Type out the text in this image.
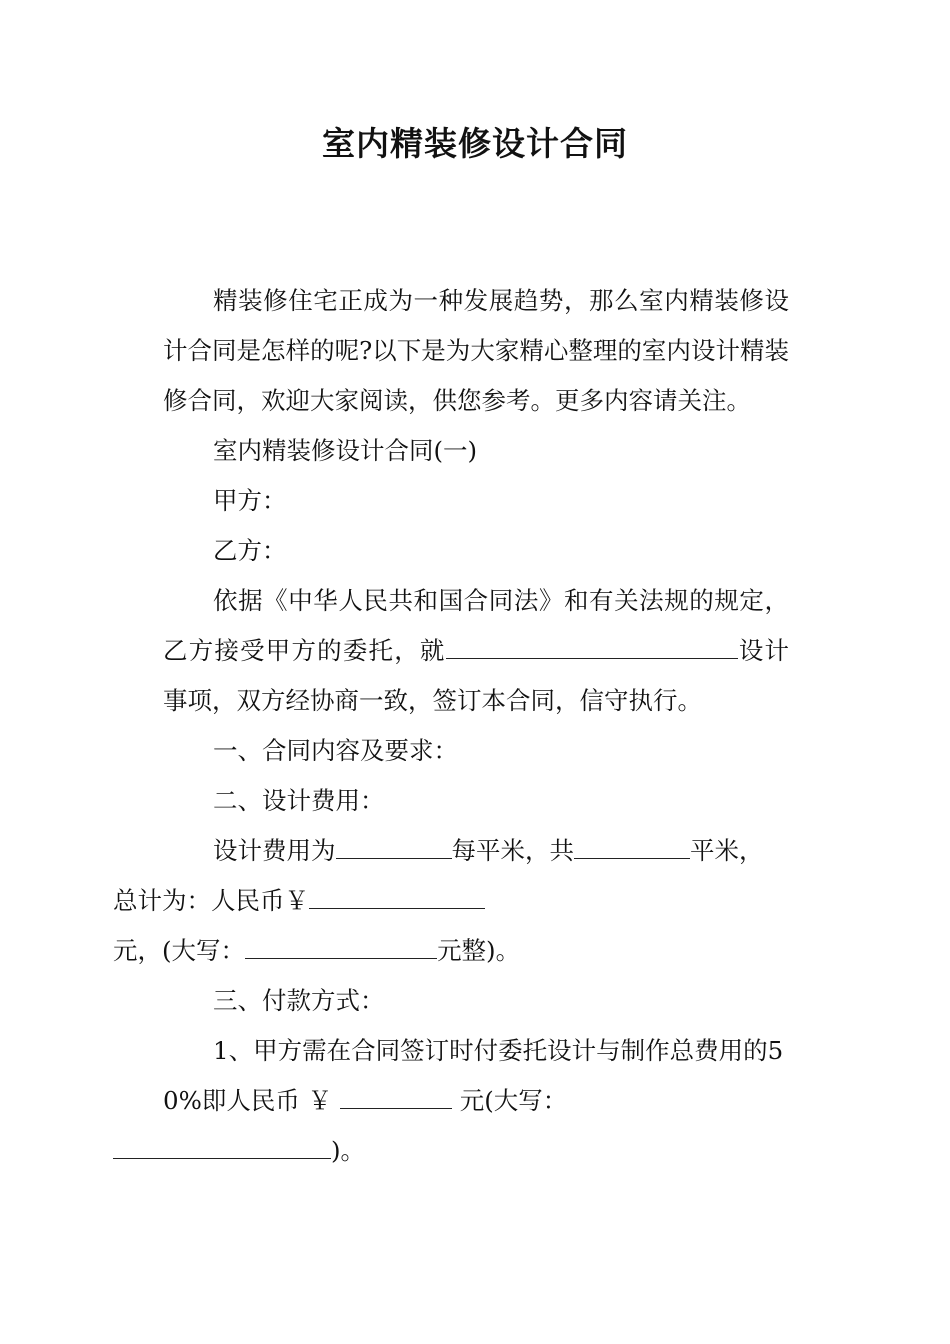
室内精装修设计合同

精装修住宅正成为一种发展趋势，那么室内精装修设计合同是怎样的呢?以下是为大家精心整理的室内设计精装修合同，欢迎大家阅读，供您参考。更多内容请关注。

室内精装修设计合同(一)

甲方：

乙方：

依据《中华人民共和国合同法》和有关法规的规定，乙方接受甲方的委托，就	设计事项，双方经协商一致，签订本合同，信守执行。

一、合同内容及要求：

二、设计费用：

设计费用为	每平米，共	平米，
总计为：人民币￥
元，(大写：	元整)。

三、付款方式：

1、甲方需在合同签订时付委托设计与制作总费用的50%即人民币 ￥	元(大写：
)。
